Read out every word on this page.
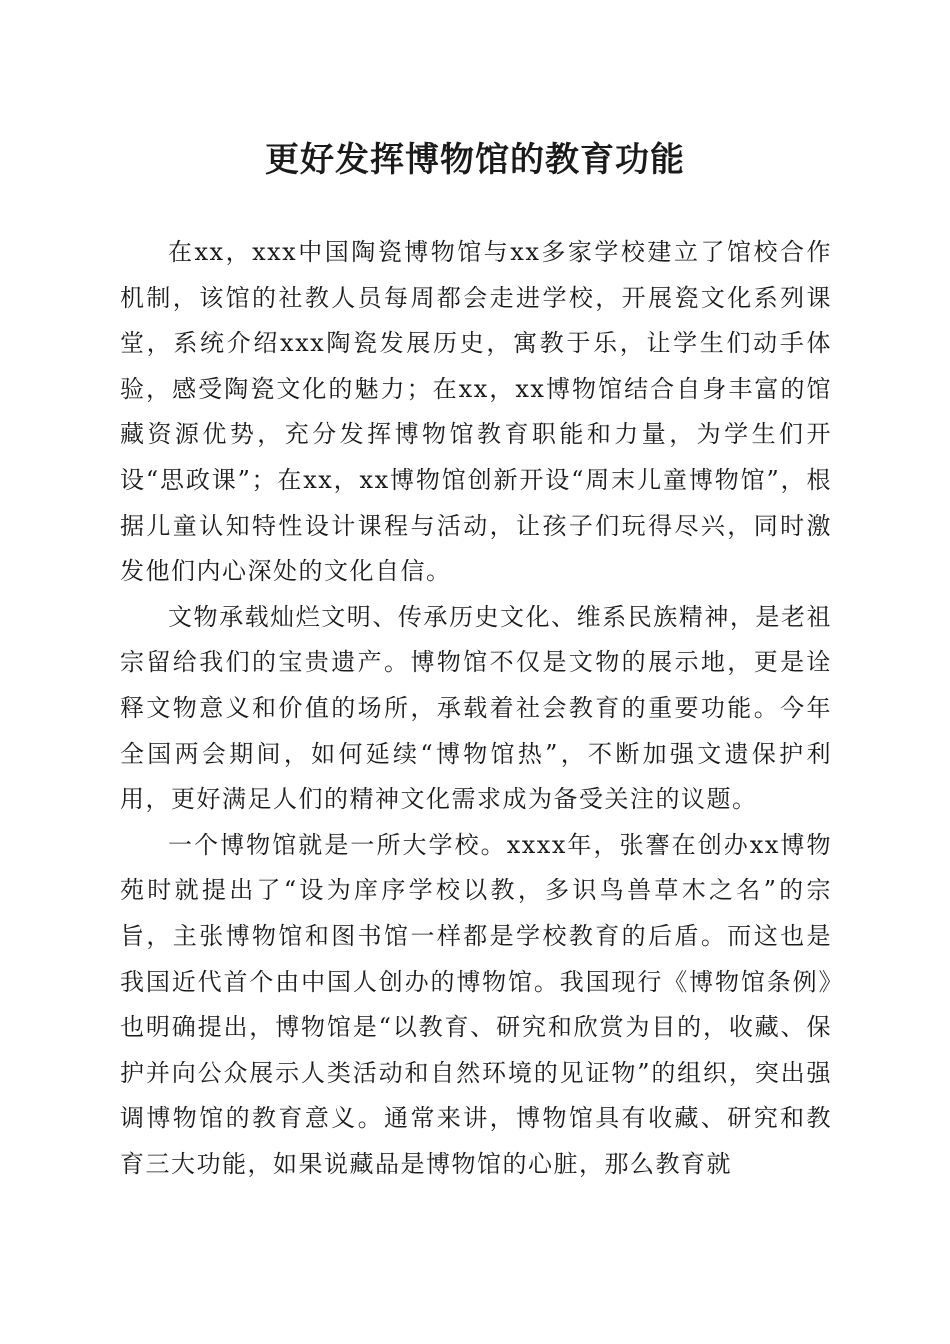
更好发挥博物馆的教育功能

在xx，xxx中国陶瓷博物馆与xx多家学校建立了馆校合作机制，该馆的社教人员每周都会走进学校，开展瓷文化系列课堂，系统介绍xxx陶瓷发展历史，寓教于乐，让学生们动手体验，感受陶瓷文化的魅力；在xx，xx博物馆结合自身丰富的馆藏资源优势，充分发挥博物馆教育职能和力量，为学生们开设“思政课”；在xx，xx博物馆创新开设“周末儿童博物馆”，根据儿童认知特性设计课程与活动，让孩子们玩得尽兴，同时激发他们内心深处的文化自信。

文物承载灿烂文明、传承历史文化、维系民族精神，是老祖宗留给我们的宝贵遗产。博物馆不仅是文物的展示地，更是诠释文物意义和价值的场所，承载着社会教育的重要功能。今年全国两会期间，如何延续“博物馆热”，不断加强文遗保护利用，更好满足人们的精神文化需求成为备受关注的议题。

一个博物馆就是一所大学校。xxxx年，张謇在创办xx博物苑时就提出了“设为庠序学校以教，多识鸟兽草木之名”的宗旨，主张博物馆和图书馆一样都是学校教育的后盾。而这也是我国近代首个由中国人创办的博物馆。我国现行《博物馆条例》也明确提出，博物馆是“以教育、研究和欣赏为目的，收藏、保护并向公众展示人类活动和自然环境的见证物”的组织，突出强调博物馆的教育意义。通常来讲，博物馆具有收藏、研究和教育三大功能，如果说藏品是博物馆的心脏，那么教育就
